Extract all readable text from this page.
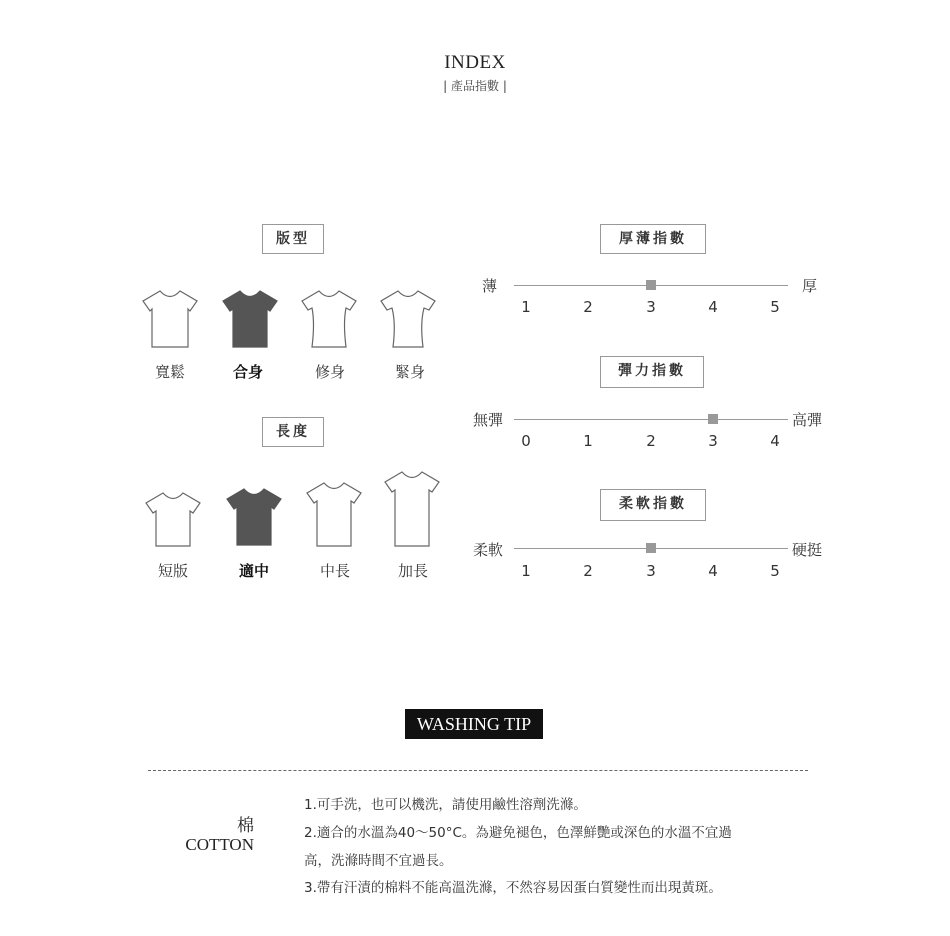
INDEX
| 產品指數 |
版型
寬鬆	合身	修身	緊身
長度
短版	適中	中長	加長
厚薄指數
薄	厚
1	2	3	4	5
彈力指數
無彈	高彈
0	1	2	3	4
柔軟指數
柔軟	硬挺
1	2	3	4	5
WASHING TIP
棉
COTTON
1.可手洗，也可以機洗，請使用鹼性溶劑洗滌。
2.適合的水溫為40～50°C。為避免褪色，色澤鮮艷或深色的水溫不宜過
高，洗滌時間不宜過長。
3.帶有汗漬的棉料不能高溫洗滌，不然容易因蛋白質變性而出現黃斑。
